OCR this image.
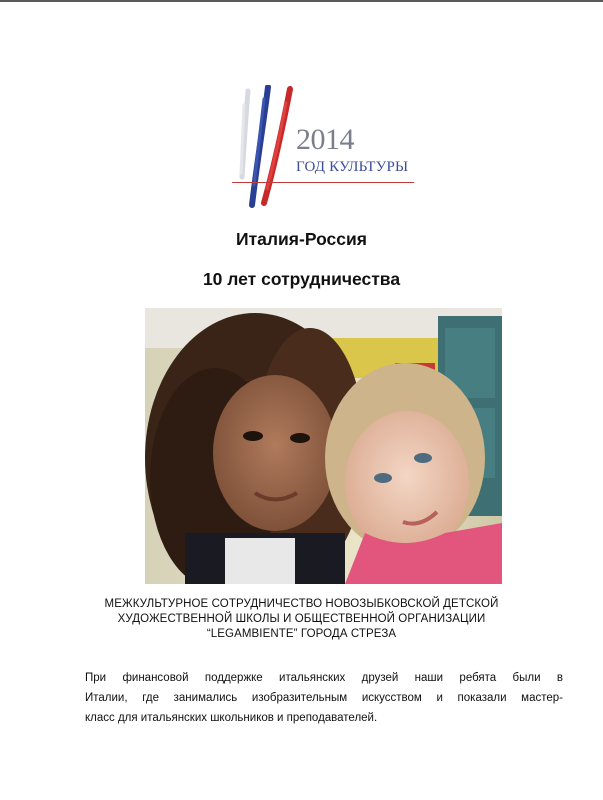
2014
ГОД КУЛЬТУРЫ
Италия-Россия
10 лет сотрудничества
МЕЖКУЛЬТУРНОЕ СОТРУДНИЧЕСТВО НОВОЗЫБКОВСКОЙ ДЕТСКОЙ
ХУДОЖЕСТВЕННОЙ ШКОЛЫ И ОБЩЕСТВЕННОЙ ОРГАНИЗАЦИИ
“LEGAMBIENTE” ГОРОДА СТРЕЗА
При финансовой поддержке итальянских друзей наши ребята были в
Италии, где занимались изобразительным искусством и показали мастер-
класс для итальянских школьников и преподавателей.
